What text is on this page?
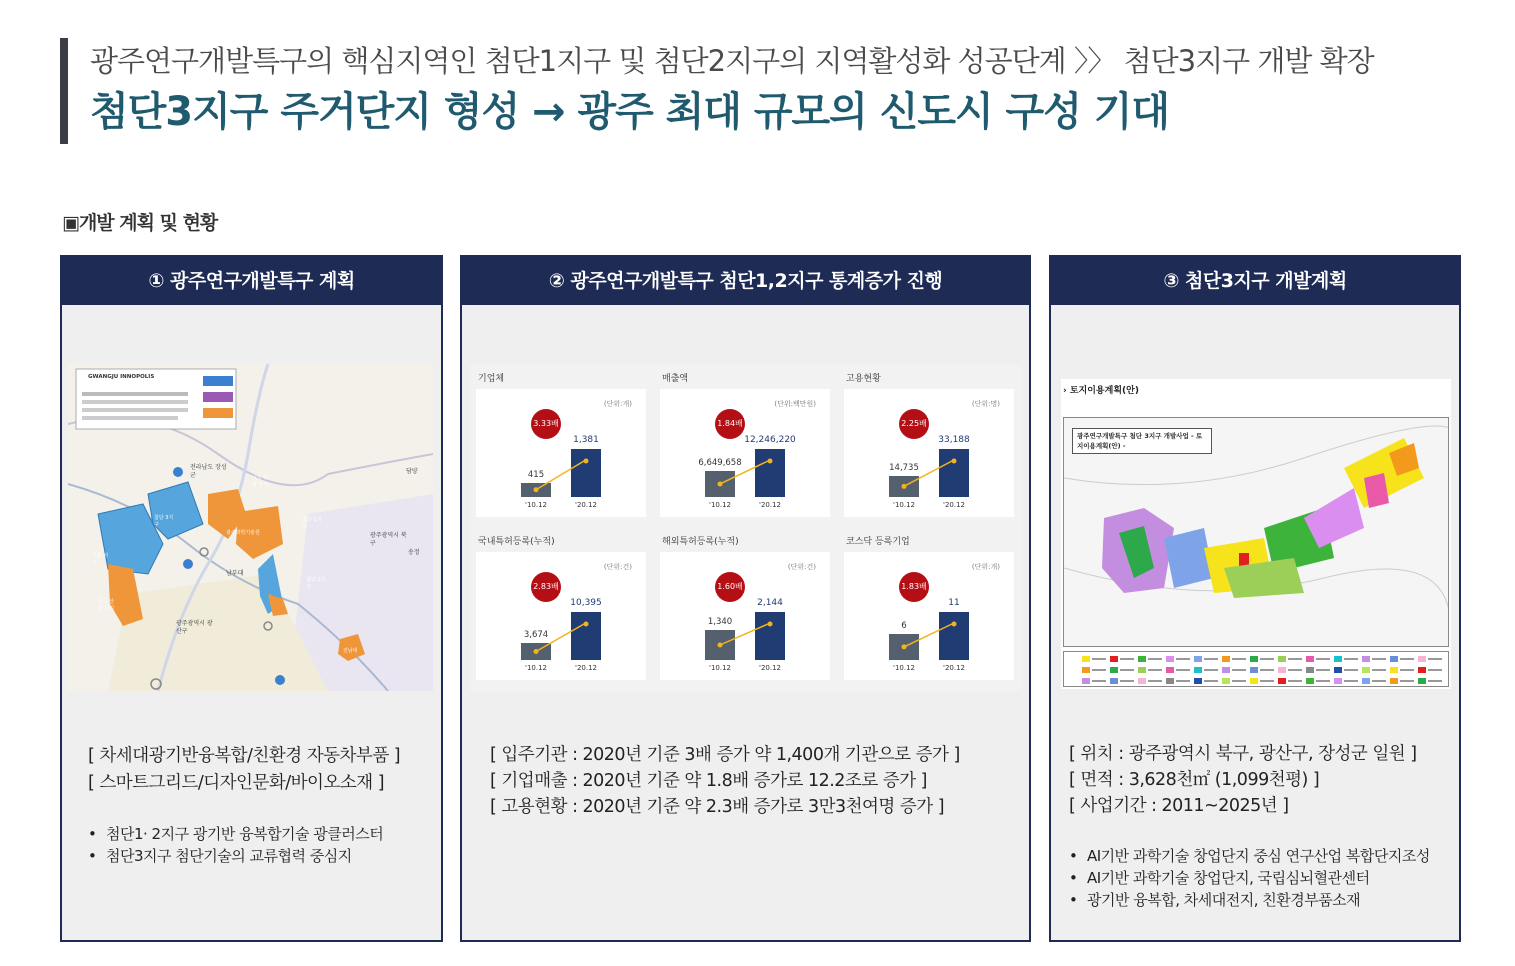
광주연구개발특구의 핵심지역인 첨단1지구 및 첨단2지구의 지역활성화 성공단계 〉〉 첨단3지구 개발 확장
첨단3지구 주거단지 형성 → 광주 최대 규모의 신도시 구성 기대
▣개발 계획 및 현황
① 광주연구개발특구 계획
GWANGJU INNOPOLIS
전라남도 장성군
광주광역시 북구
광주광역시 광산구
첨단 3지구
첨단 1지구
첨단 2지구
진곡 산업 단지
나노 산업 단지
신룡 지구
광주과학기술원
남부대
담양
송정
전남대
[ 차세대광기반융복합/친환경 자동차부품 ]
[ 스마트그리드/디자인문화/바이오소재 ]
• 첨단1· 2지구 광기반 융복합기술 광클러스터
• 첨단3지구 첨단기술의 교류협력 중심지
② 광주연구개발특구 첨단1,2지구 통계증가 진행
기업체
(단위:개)
415
1,381
'10.12	'20.12
3.33배
매출액
(단위:백만원)
6,649,658
12,246,220
'10.12	'20.12
1.84배
고용현황
(단위:명)
14,735
33,188
'10.12	'20.12
2.25배
국내특허등록(누적)
(단위:건)
3,674
10,395
'10.12	'20.12
2.83배
해외특허등록(누적)
(단위:건)
1,340
2,144
'10.12	'20.12
1.60배
코스닥 등록기업
(단위:개)
6
11
'10.12	'20.12
1.83배
[ 입주기관 : 2020년 기준 3배 증가 약 1,400개 기관으로 증가 ]
[ 기업매출 : 2020년 기준 약 1.8배 증가로 12.2조로 증가 ]
[ 고용현황 : 2020년 기준 약 2.3배 증가로 3만3천여명 증가 ]
③ 첨단3지구 개발계획
› 토지이용계획(안)
광주연구개발특구 첨단 3지구 개발사업 - 토지이용계획(안) -
[ 위치 : 광주광역시 북구, 광산구, 장성군 일원 ]
[ 면적 : 3,628천㎡ (1,099천평) ]
[ 사업기간 : 2011~2025년 ]
• AI기반 과학기술 창업단지 중심 연구산업 복합단지조성
• AI기반 과학기술 창업단지, 국립심뇌혈관센터
• 광기반 융복합, 차세대전지, 친환경부품소재
